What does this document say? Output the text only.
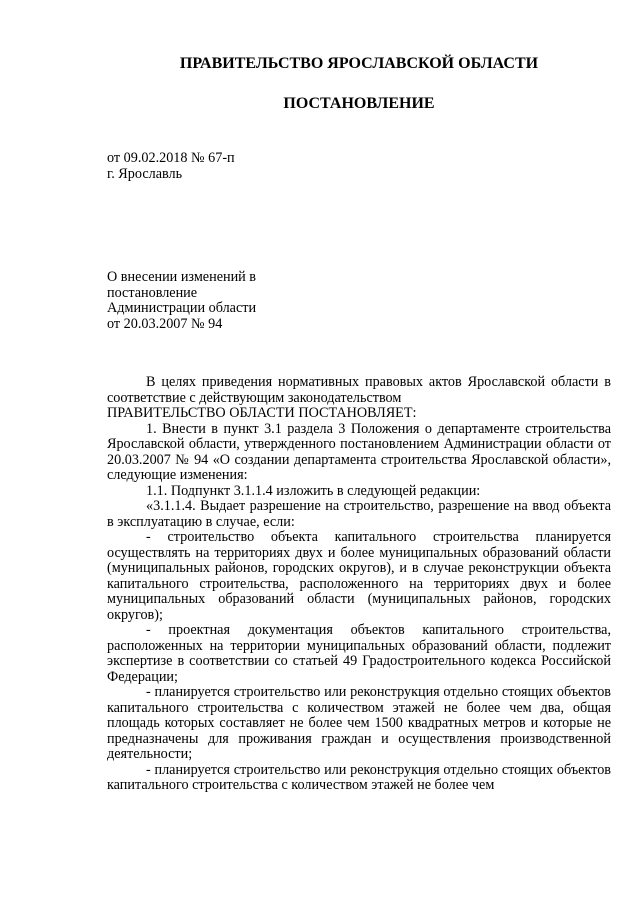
ПРАВИТЕЛЬСТВО ЯРОСЛАВСКОЙ ОБЛАСТИ

ПОСТАНОВЛЕНИЕ

от 09.02.2018 № 67-п
г. Ярославль
О внесении изменений в
постановление
Администрации области
от 20.03.2007 № 94

В целях приведения нормативных правовых актов Ярославской области в соответствие с действующим законодательством

ПРАВИТЕЛЬСТВО ОБЛАСТИ ПОСТАНОВЛЯЕТ:

1. Внести в пункт 3.1 раздела 3 Положения о департаменте строительства Ярославской области, утвержденного постановлением Администрации области от 20.03.2007 № 94 «О создании департамента строительства Ярославской области», следующие изменения:

1.1. Подпункт 3.1.1.4 изложить в следующей редакции:

«3.1.1.4. Выдает разрешение на строительство, разрешение на ввод объекта в эксплуатацию в случае, если:

- строительство объекта капитального строительства планируется осуществлять на территориях двух и более муниципальных образований области (муниципальных районов, городских округов), и в случае реконструкции объекта капитального строительства, расположенного на территориях двух и более муниципальных образований области (муниципальных районов, городских округов);

- проектная документация объектов капитального строительства, расположенных на территории муниципальных образований области, подлежит экспертизе в соответствии со статьей 49 Градостроительного кодекса Российской Федерации;

- планируется строительство или реконструкция отдельно стоящих объектов капитального строительства с количеством этажей не более чем два, общая площадь которых составляет не более чем 1500 квадратных метров и которые не предназначены для проживания граждан и осуществления производственной деятельности;

- планируется строительство или реконструкция отдельно стоящих объектов капитального строительства с количеством этажей не более чем
